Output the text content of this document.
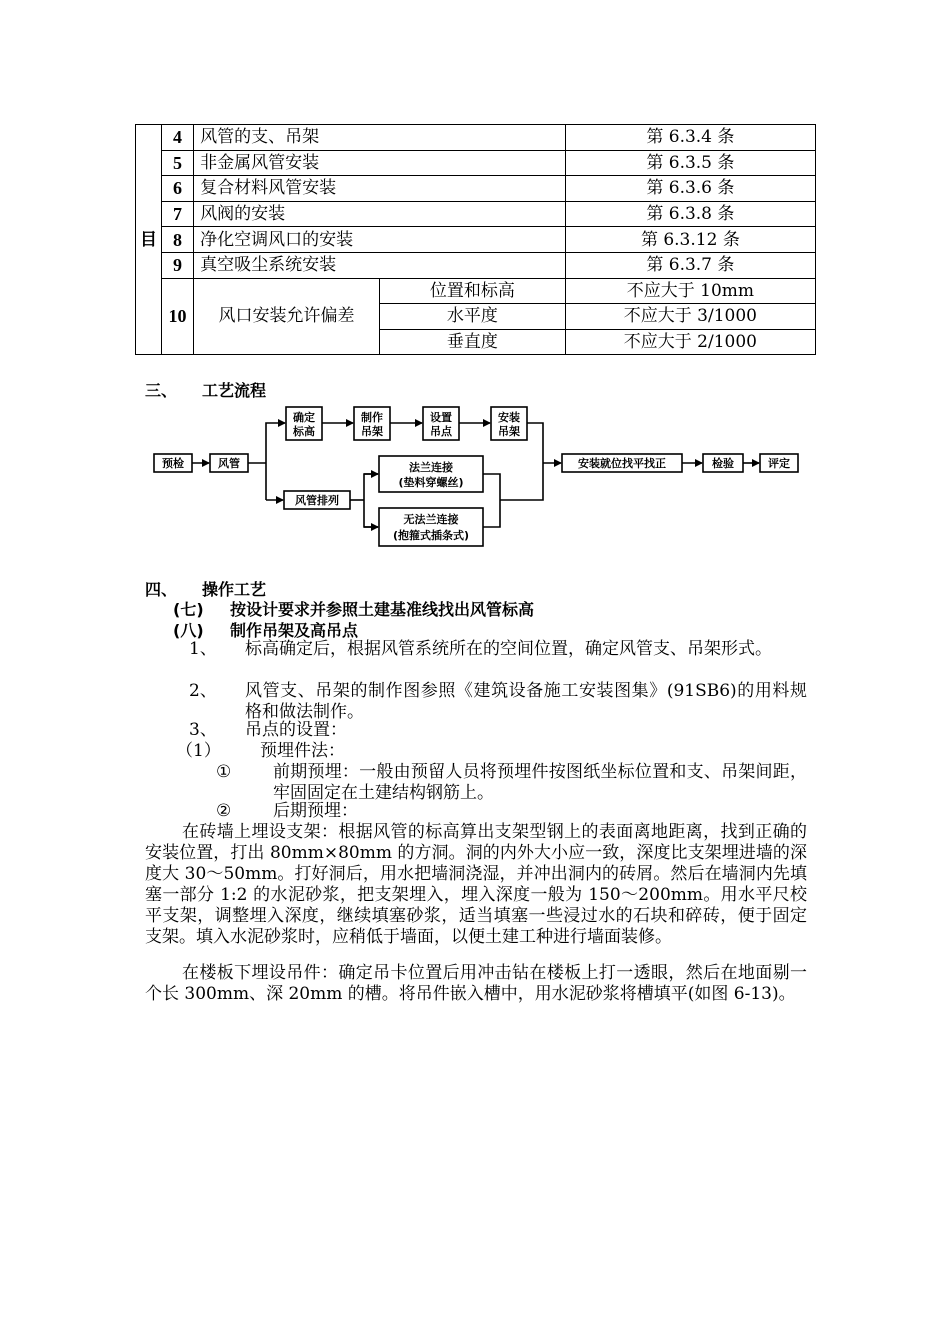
目	4	风管的支、吊架		第 6.3.4 条
	5	非金属风管安装		第 6.3.5 条
	6	复合材料风管安装		第 6.3.6 条
	7	风阀的安装		第 6.3.8 条
	8	净化空调风口的安装		第 6.3.12 条
	9	真空吸尘系统安装		第 6.3.7 条
	10	风口安装允许偏差	位置和标高	不应大于 10mm
			水平度	不应大于 3/1000
			垂直度	不应大于 2/1000
三、 工艺流程
预检	风管
确定
标高
制作
吊架
设置
吊点
安装
吊架
风管排列
法兰连接
(垫料穿螺丝)
无法兰连接
(抱箍式插条式)
安装就位找平找正	检验	评定
四、 操作工艺
(七) 按设计要求并参照土建基准线找出风管标高
(八) 制作吊架及高吊点
1、 标高确定后，根据风管系统所在的空间位置，确定风管支、吊架形式。
2、 风管支、吊架的制作图参照《建筑设备施工安装图集》(91SB6)的用料规格和做法制作。
3、 吊点的设置：
（1） 预埋件法：
① 前期预埋：一般由预留人员将预埋件按图纸坐标位置和支、吊架间距，牢固固定在土建结构钢筋上。
② 后期预埋：
在砖墙上埋设支架：根据风管的标高算出支架型钢上的表面离地距离，找到正确的安装位置，打出 80mm×80mm 的方洞。洞的内外大小应一致，深度比支架埋进墙的深度大 30～50mm。打好洞后，用水把墙洞浇湿，并冲出洞内的砖屑。然后在墙洞内先填塞一部分 1:2 的水泥砂浆，把支架埋入，埋入深度一般为 150～200mm。用水平尺校平支架，调整埋入深度，继续填塞砂浆，适当填塞一些浸过水的石块和碎砖，便于固定支架。填入水泥砂浆时，应稍低于墙面，以便土建工种进行墙面装修。
在楼板下埋设吊件：确定吊卡位置后用冲击钻在楼板上打一透眼，然后在地面剔一个长 300mm、深 20mm 的槽。将吊件嵌入槽中，用水泥砂浆将槽填平(如图 6-13)。
